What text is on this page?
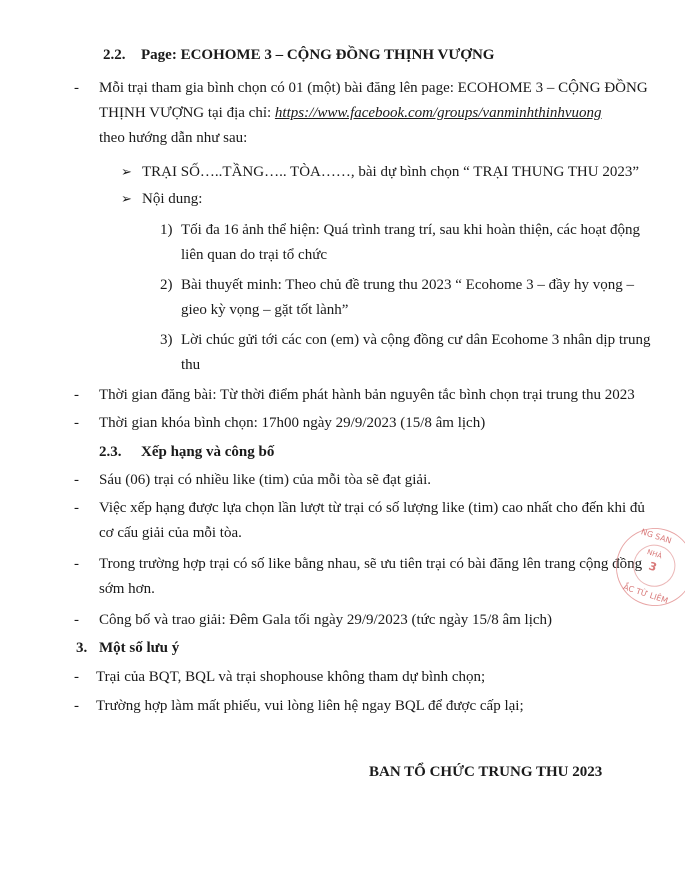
2.2. Page: ECOHOME 3 – CỘNG ĐỒNG THỊNH VƯỢNG
- Mỗi trại tham gia bình chọn có 01 (một) bài đăng lên page: ECOHOME 3 – CỘNG ĐỒNG
THỊNH VƯỢNG tại địa chỉ: https://www.facebook.com/groups/vanminhthinhvuong
theo hướng dẫn như sau:
➢ TRẠI SỐ…..TẦNG….. TÒA……, bài dự bình chọn “ TRẠI THUNG THU 2023”
➢ Nội dung:
1) Tối đa 16 ảnh thể hiện: Quá trình trang trí, sau khi hoàn thiện, các hoạt động
liên quan do trại tổ chức
2) Bài thuyết minh: Theo chủ đề trung thu 2023 “ Ecohome 3 – đầy hy vọng –
gieo kỳ vọng – gặt tốt lành”
3) Lời chúc gửi tới các con (em) và cộng đồng cư dân Ecohome 3 nhân dịp trung
thu
- Thời gian đăng bài: Từ thời điểm phát hành bản nguyên tắc bình chọn trại trung thu 2023
- Thời gian khóa bình chọn: 17h00 ngày 29/9/2023 (15/8 âm lịch)
2.3. Xếp hạng và công bố
- Sáu (06) trại có nhiều like (tim) của mỗi tòa sẽ đạt giải.
- Việc xếp hạng được lựa chọn lần lượt từ trại có số lượng like (tim) cao nhất cho đến khi đủ
cơ cấu giải của mỗi tòa.
- Trong trường hợp trại có số like bằng nhau, sẽ ưu tiên trại có bài đăng lên trang cộng đồng
sớm hơn.
- Công bố và trao giải: Đêm Gala tối ngày 29/9/2023 (tức ngày 15/8 âm lịch)
3. Một số lưu ý
- Trại của BQT, BQL và trại shophouse không tham dự bình chọn;
- Trường hợp làm mất phiếu, vui lòng liên hệ ngay BQL để được cấp lại;
BAN TỔ CHỨC TRUNG THU 2023
NG SAN
NHÀ
3
ẮC TỪ LIÊM
